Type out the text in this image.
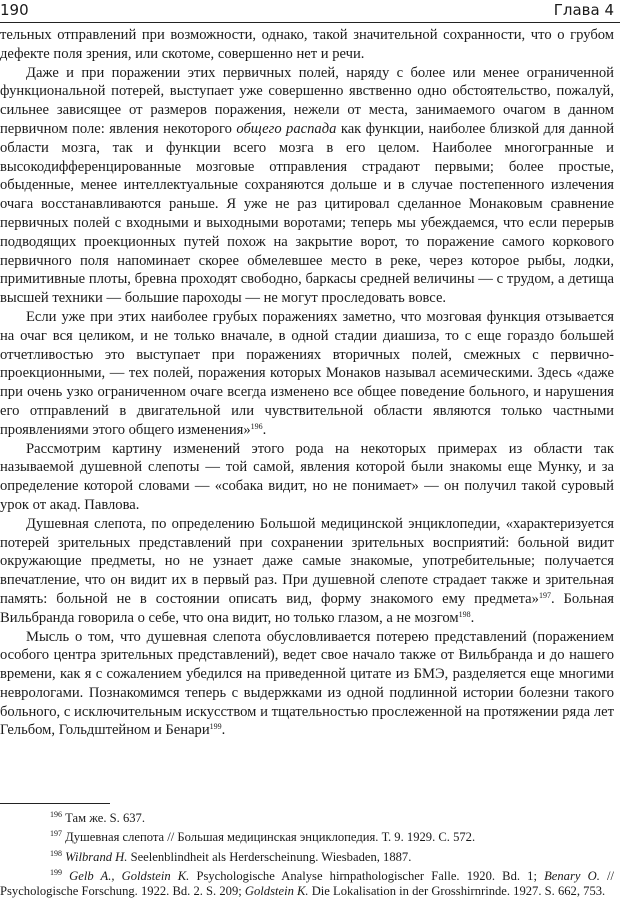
190	Глава 4

тельных отправлений при возможности, однако, такой значительной сохранности, что о грубом дефекте поля зрения, или скотоме, совершенно нет и речи.

Даже и при поражении этих первичных полей, наряду с более или менее ограниченной функциональной потерей, выступает уже совершенно явственно одно обстоятельство, пожалуй, сильнее зависящее от размеров поражения, нежели от места, занимаемого очагом в данном первичном поле: явления некоторого общего распада как функции, наиболее близкой для данной области мозга, так и функции всего мозга в его целом. Наиболее многогранные и высокодифференцированные мозговые отправления страдают первыми; более простые, обыденные, менее интеллектуальные сохраняются дольше и в случае постепенного излечения очага восстанавливаются раньше. Я уже не раз цитировал сделанное Монаковым сравнение первичных полей с входными и выходными воротами; теперь мы убеждаемся, что если перерыв подводящих проекционных путей похож на закрытие ворот, то поражение самого коркового первичного поля напоминает скорее обмелевшее место в реке, через которое рыбы, лодки, примитивные плоты, бревна проходят свободно, баркасы средней величины — с трудом, а детища высшей техники — большие пароходы — не могут проследовать вовсе.

Если уже при этих наиболее грубых поражениях заметно, что мозговая функция отзывается на очаг вся целиком, и не только вначале, в одной стадии диашиза, то с еще гораздо большей отчетливостью это выступает при поражениях вторичных полей, смежных с первично-проекционными, — тех полей, поражения которых Монаков называл асемическими. Здесь «даже при очень узко ограниченном очаге всегда изменено все общее поведение больного, и нарушения его отправлений в двигательной или чувствительной области являются только частными проявлениями этого общего изменения»$^{196}$.

Рассмотрим картину изменений этого рода на некоторых примерах из области так называемой душевной слепоты — той самой, явления которой были знакомы еще Мунку, и за определение которой словами — «собака видит, но не понимает» — он получил такой суровый урок от акад. Павлова.

Душевная слепота, по определению Большой медицинской энциклопедии, «характеризуется потерей зрительных представлений при сохранении зрительных восприятий: больной видит окружающие предметы, но не узнает даже самые знакомые, употребительные; получается впечатление, что он видит их в первый раз. При душевной слепоте страдает также и зрительная память: больной не в состоянии описать вид, форму знакомого ему предмета»$^{197}$. Больная Вильбранда говорила о себе, что она видит, но только глазом, а не мозгом$^{198}$.

Мысль о том, что душевная слепота обусловливается потерею представлений (поражением особого центра зрительных представлений), ведет свое начало также от Вильбранда и до нашего времени, как я с сожалением убедился на приведенной цитате из БМЭ, разделяется еще многими неврологами. Познакомимся теперь с выдержками из одной подлинной истории болезни такого больного, с исключительным искусством и тщательностью прослеженной на протяжении ряда лет Гельбом, Гольдштейном и Бенари$^{199}$.

$^{196}$ Там же. S. 637.

$^{197}$ Душевная слепота // Большая медицинская энциклопедия. Т. 9. 1929. С. 572.

$^{198}$ Wilbrand H. Seelenblindheit als Herderscheinung. Wiesbaden, 1887.

$^{199}$ Gelb A., Goldstein K. Psychologische Analyse hirnpathologischer Falle. 1920. Bd. 1; Benary O. // Psychologische Forschung. 1922. Bd. 2. S. 209; Goldstein K. Die Lokalisation in der Grosshirnrinde. 1927. S. 662, 753.
